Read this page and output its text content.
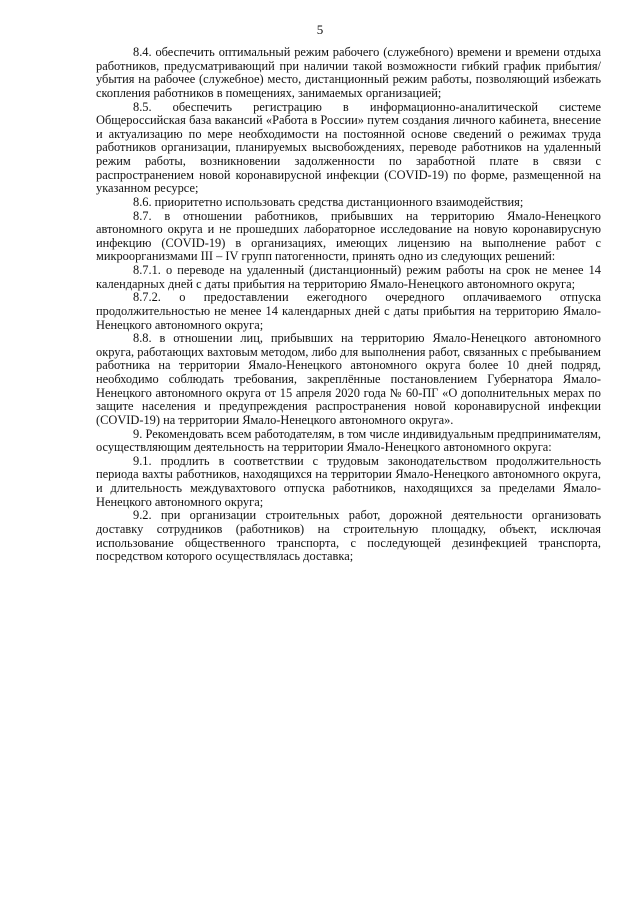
5

8.4. обеспечить оптимальный режим рабочего (служебного) времени и времени отдыха работников, предусматривающий при наличии такой возможности гибкий график прибытия/убытия на рабочее (служебное) место, дистанционный режим работы, позволяющий избежать скопления работников в помещениях, занимаемых организацией;

8.5. обеспечить регистрацию в информационно-аналитической системе Общероссийская база вакансий «Работа в России» путем создания личного кабинета, внесение и актуализацию по мере необходимости на постоянной основе сведений о режимах труда работников организации, планируемых высвобождениях, переводе работников на удаленный режим работы, возникновении задолженности по заработной плате в связи с распространением новой коронавирусной инфекции (COVID-19) по форме, размещенной на указанном ресурсе;

8.6. приоритетно использовать средства дистанционного взаимодействия;

8.7. в отношении работников, прибывших на территорию Ямало-Ненецкого автономного округа и не прошедших лабораторное исследование на новую коронавирусную инфекцию (COVID-19) в организациях, имеющих лицензию на выполнение работ с микроорганизмами III – IV групп патогенности, принять одно из следующих решений:

8.7.1. о переводе на удаленный (дистанционный) режим работы на срок не менее 14 календарных дней с даты прибытия на территорию Ямало-Ненецкого автономного округа;

8.7.2. о предоставлении ежегодного очередного оплачиваемого отпуска продолжительностью не менее 14 календарных дней с даты прибытия на территорию Ямало-Ненецкого автономного округа;

8.8. в отношении лиц, прибывших на территорию Ямало-Ненецкого автономного округа, работающих вахтовым методом, либо для выполнения работ, связанных с пребыванием работника на территории Ямало-Ненецкого автономного округа более 10 дней подряд, необходимо соблюдать требования, закреплённые постановлением Губернатора Ямало-Ненецкого автономного округа от 15 апреля 2020 года № 60-ПГ «О дополнительных мерах по защите населения и предупреждения распространения новой коронавирусной инфекции (COVID-19) на территории Ямало-Ненецкого автономного округа».

9. Рекомендовать всем работодателям, в том числе индивидуальным предпринимателям, осуществляющим деятельность на территории Ямало-Ненецкого автономного округа:

9.1. продлить в соответствии с трудовым законодательством продолжительность периода вахты работников, находящихся на территории Ямало-Ненецкого автономного округа, и длительность междувахтового отпуска работников, находящихся за пределами Ямало-Ненецкого автономного округа;

9.2. при организации строительных работ, дорожной деятельности организовать доставку сотрудников (работников) на строительную площадку, объект, исключая использование общественного транспорта, с последующей дезинфекцией транспорта, посредством которого осуществлялась доставка;
